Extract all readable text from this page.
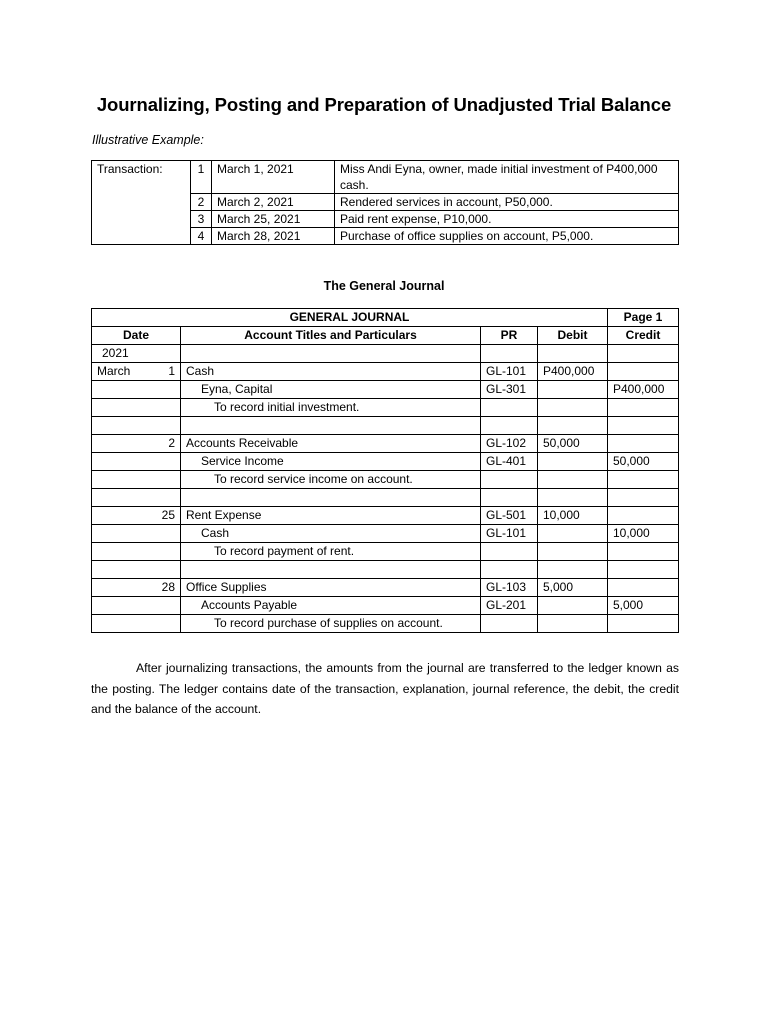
Journalizing, Posting and Preparation of Unadjusted Trial Balance
Illustrative Example:
Transaction:	1	March 1, 2021	Miss Andi Eyna, owner, made initial investment of P400,000 cash.
	2	March 2, 2021	Rendered services in account, P50,000.
	3	March 25, 2021	Paid rent expense, P10,000.
	4	March 28, 2021	Purchase of office supplies on account, P5,000.
The General Journal
GENERAL JOURNAL				Page 1
Date	Account Titles and Particulars	PR	Debit	Credit
2021				

March 1	Cash	GL-101	P400,000	

	Eyna, Capital	GL-301		P400,000

	To record initial investment.			

2	Accounts Receivable	GL-102	50,000	

	Service Income	GL-401		50,000

	To record service income on account.			

25	Rent Expense	GL-501	10,000	

	Cash	GL-101		10,000

	To record payment of rent.			

28	Office Supplies	GL-103	5,000	

	Accounts Payable	GL-201		5,000

	To record purchase of supplies on account.			
After journalizing transactions, the amounts from the journal are transferred to the ledger known as the posting. The ledger contains date of the transaction, explanation, journal reference, the debit, the credit and the balance of the account.
